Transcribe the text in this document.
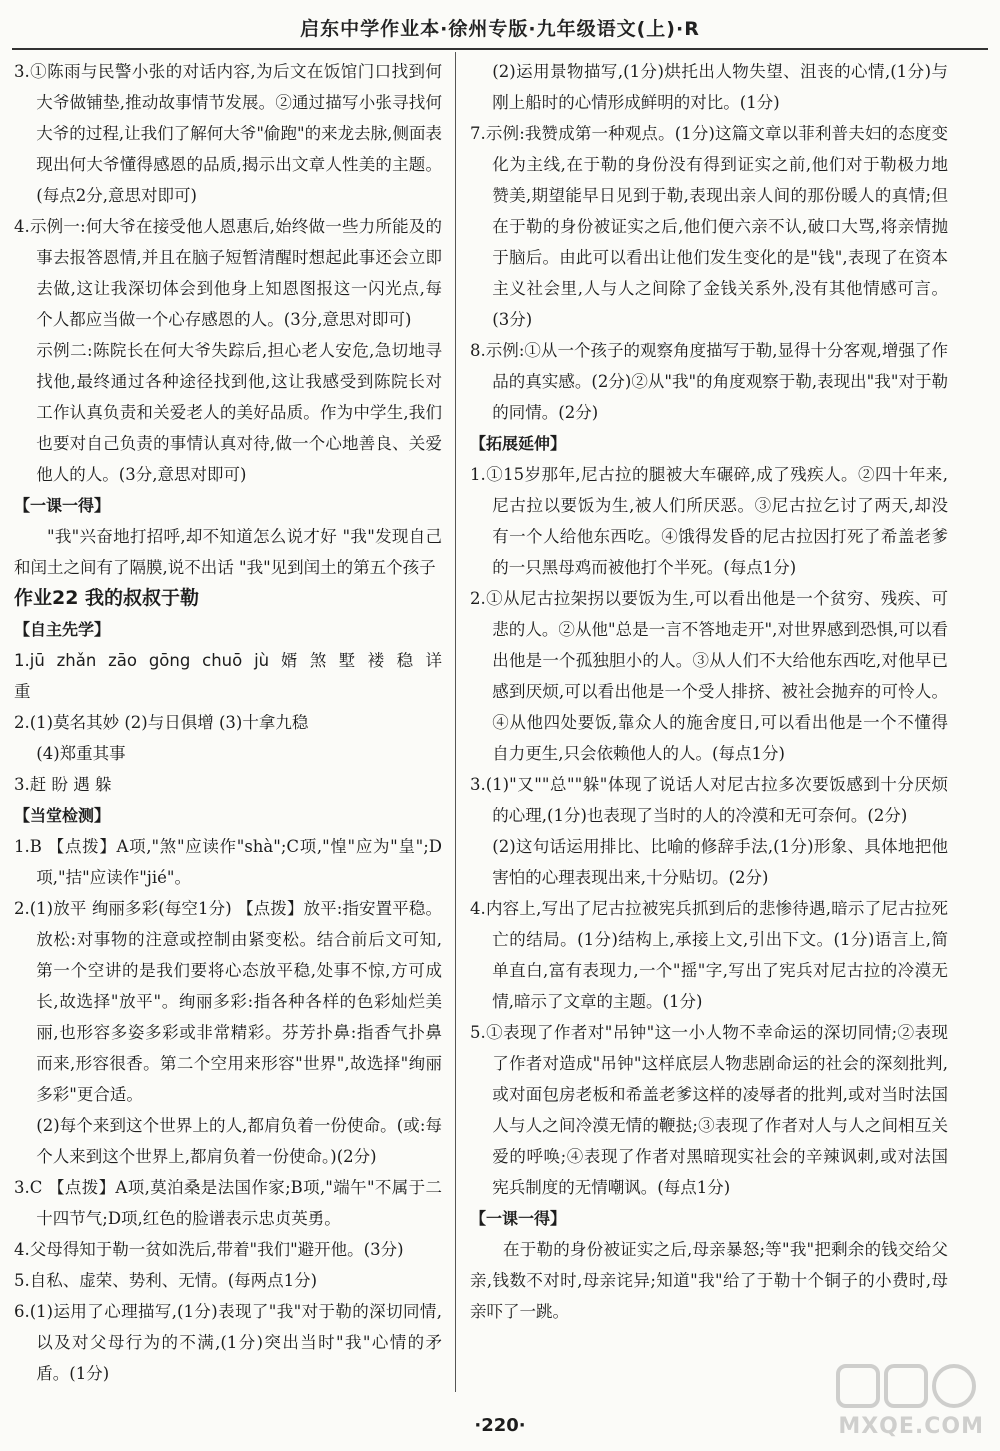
启东中学作业本·徐州专版·九年级语文(上)·R

3.①陈雨与民警小张的对话内容,为后文在饭馆门口找到何大爷做铺垫,推动故事情节发展。②通过描写小张寻找何大爷的过程,让我们了解何大爷"偷跑"的来龙去脉,侧面表现出何大爷懂得感恩的品质,揭示出文章人性美的主题。(每点2分,意思对即可)

4.示例一:何大爷在接受他人恩惠后,始终做一些力所能及的事去报答恩情,并且在脑子短暂清醒时想起此事还会立即去做,这让我深切体会到他身上知恩图报这一闪光点,每个人都应当做一个心存感恩的人。(3分,意思对即可)

示例二:陈院长在何大爷失踪后,担心老人安危,急切地寻找他,最终通过各种途径找到他,这让我感受到陈院长对工作认真负责和关爱老人的美好品质。作为中学生,我们也要对自己负责的事情认真对待,做一个心地善良、关爱他人的人。(3分,意思对即可)

【一课一得】

"我"兴奋地打招呼,却不知道怎么说才好 "我"发现自己和闰土之间有了隔膜,说不出话 "我"见到闰土的第五个孩子

作业22 我的叔叔于勒

【自主先学】

1.jū zhǎn zāo gōng chuō jù 婿 煞 墅 褛 稳 详 重

2.(1)莫名其妙 (2)与日俱增 (3)十拿九稳

(4)郑重其事

3.赶 盼 遇 躲

【当堂检测】

1.B 【点拨】A项,"煞"应读作"shà";C项,"惶"应为"皇";D项,"拮"应读作"jié"。

2.(1)放平 绚丽多彩(每空1分) 【点拨】放平:指安置平稳。放松:对事物的注意或控制由紧变松。结合前后文可知,第一个空讲的是我们要将心态放平稳,处事不惊,方可成长,故选择"放平"。绚丽多彩:指各种各样的色彩灿烂美丽,也形容多姿多彩或非常精彩。芬芳扑鼻:指香气扑鼻而来,形容很香。第二个空用来形容"世界",故选择"绚丽多彩"更合适。

(2)每个来到这个世界上的人,都肩负着一份使命。(或:每个人来到这个世界上,都肩负着一份使命。)(2分)

3.C 【点拨】A项,莫泊桑是法国作家;B项,"端午"不属于二十四节气;D项,红色的脸谱表示忠贞英勇。

4.父母得知于勒一贫如洗后,带着"我们"避开他。(3分)

5.自私、虚荣、势利、无情。(每两点1分)

6.(1)运用了心理描写,(1分)表现了"我"对于勒的深切同情,以及对父母行为的不满,(1分)突出当时"我"心情的矛盾。(1分)

(2)运用景物描写,(1分)烘托出人物失望、沮丧的心情,(1分)与刚上船时的心情形成鲜明的对比。(1分)

7.示例:我赞成第一种观点。(1分)这篇文章以菲利普夫妇的态度变化为主线,在于勒的身份没有得到证实之前,他们对于勒极力地赞美,期望能早日见到于勒,表现出亲人间的那份暖人的真情;但在于勒的身份被证实之后,他们便六亲不认,破口大骂,将亲情抛于脑后。由此可以看出让他们发生变化的是"钱",表现了在资本主义社会里,人与人之间除了金钱关系外,没有其他情感可言。(3分)

8.示例:①从一个孩子的观察角度描写于勒,显得十分客观,增强了作品的真实感。(2分)②从"我"的角度观察于勒,表现出"我"对于勒的同情。(2分)

【拓展延伸】

1.①15岁那年,尼古拉的腿被大车碾碎,成了残疾人。②四十年来,尼古拉以要饭为生,被人们所厌恶。③尼古拉乞讨了两天,却没有一个人给他东西吃。④饿得发昏的尼古拉因打死了希盖老爹的一只黑母鸡而被他打个半死。(每点1分)

2.①从尼古拉架拐以要饭为生,可以看出他是一个贫穷、残疾、可悲的人。②从他"总是一言不答地走开",对世界感到恐惧,可以看出他是一个孤独胆小的人。③从人们不大给他东西吃,对他早已感到厌烦,可以看出他是一个受人排挤、被社会抛弃的可怜人。④从他四处要饭,靠众人的施舍度日,可以看出他是一个不懂得自力更生,只会依赖他人的人。(每点1分)

3.(1)"又""总""躲"体现了说话人对尼古拉多次要饭感到十分厌烦的心理,(1分)也表现了当时的人的冷漠和无可奈何。(2分)

(2)这句话运用排比、比喻的修辞手法,(1分)形象、具体地把他害怕的心理表现出来,十分贴切。(2分)

4.内容上,写出了尼古拉被宪兵抓到后的悲惨待遇,暗示了尼古拉死亡的结局。(1分)结构上,承接上文,引出下文。(1分)语言上,简单直白,富有表现力,一个"摇"字,写出了宪兵对尼古拉的冷漠无情,暗示了文章的主题。(1分)

5.①表现了作者对"吊钟"这一小人物不幸命运的深切同情;②表现了作者对造成"吊钟"这样底层人物悲剧命运的社会的深刻批判,或对面包房老板和希盖老爹这样的凌辱者的批判,或对当时法国人与人之间冷漠无情的鞭挞;③表现了作者对人与人之间相互关爱的呼唤;④表现了作者对黑暗现实社会的辛辣讽刺,或对法国宪兵制度的无情嘲讽。(每点1分)

【一课一得】

在于勒的身份被证实之后,母亲暴怒;等"我"把剩余的钱交给父亲,钱数不对时,母亲诧异;知道"我"给了于勒十个铜子的小费时,母亲吓了一跳。

·220·	MXQE.COM
